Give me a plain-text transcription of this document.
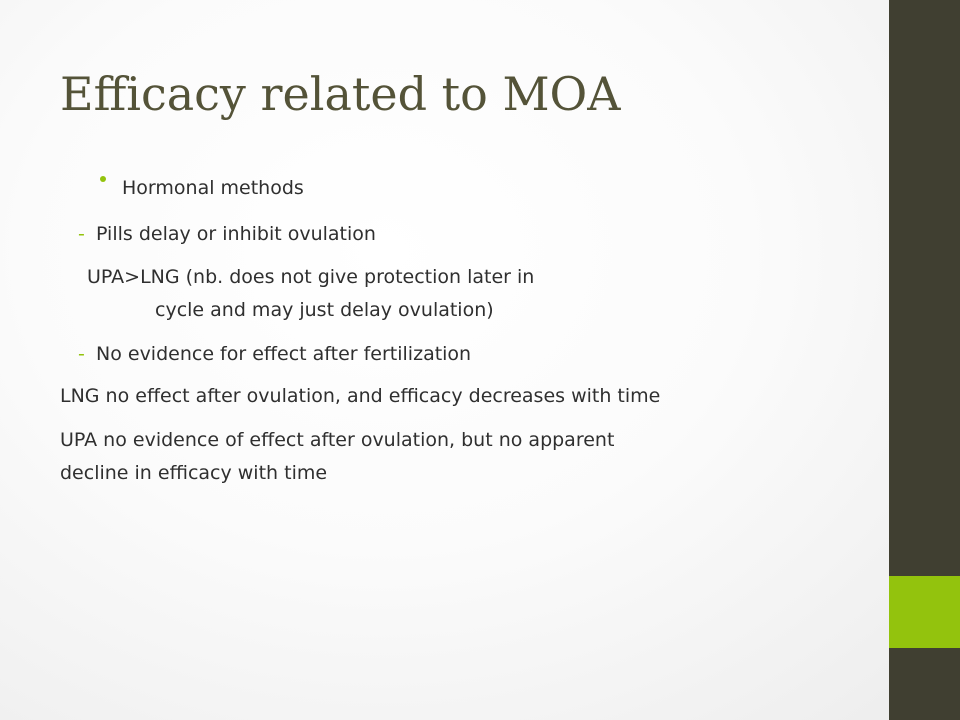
Efficacy related to MOA
Hormonal methods
- Pills delay or inhibit ovulation
UPA>LNG (nb. does not give protection later in
cycle and may just delay ovulation)
- No evidence for effect after fertilization
LNG no effect after ovulation, and efficacy decreases with time
UPA no evidence of effect after ovulation, but no apparent
decline in efficacy with time
